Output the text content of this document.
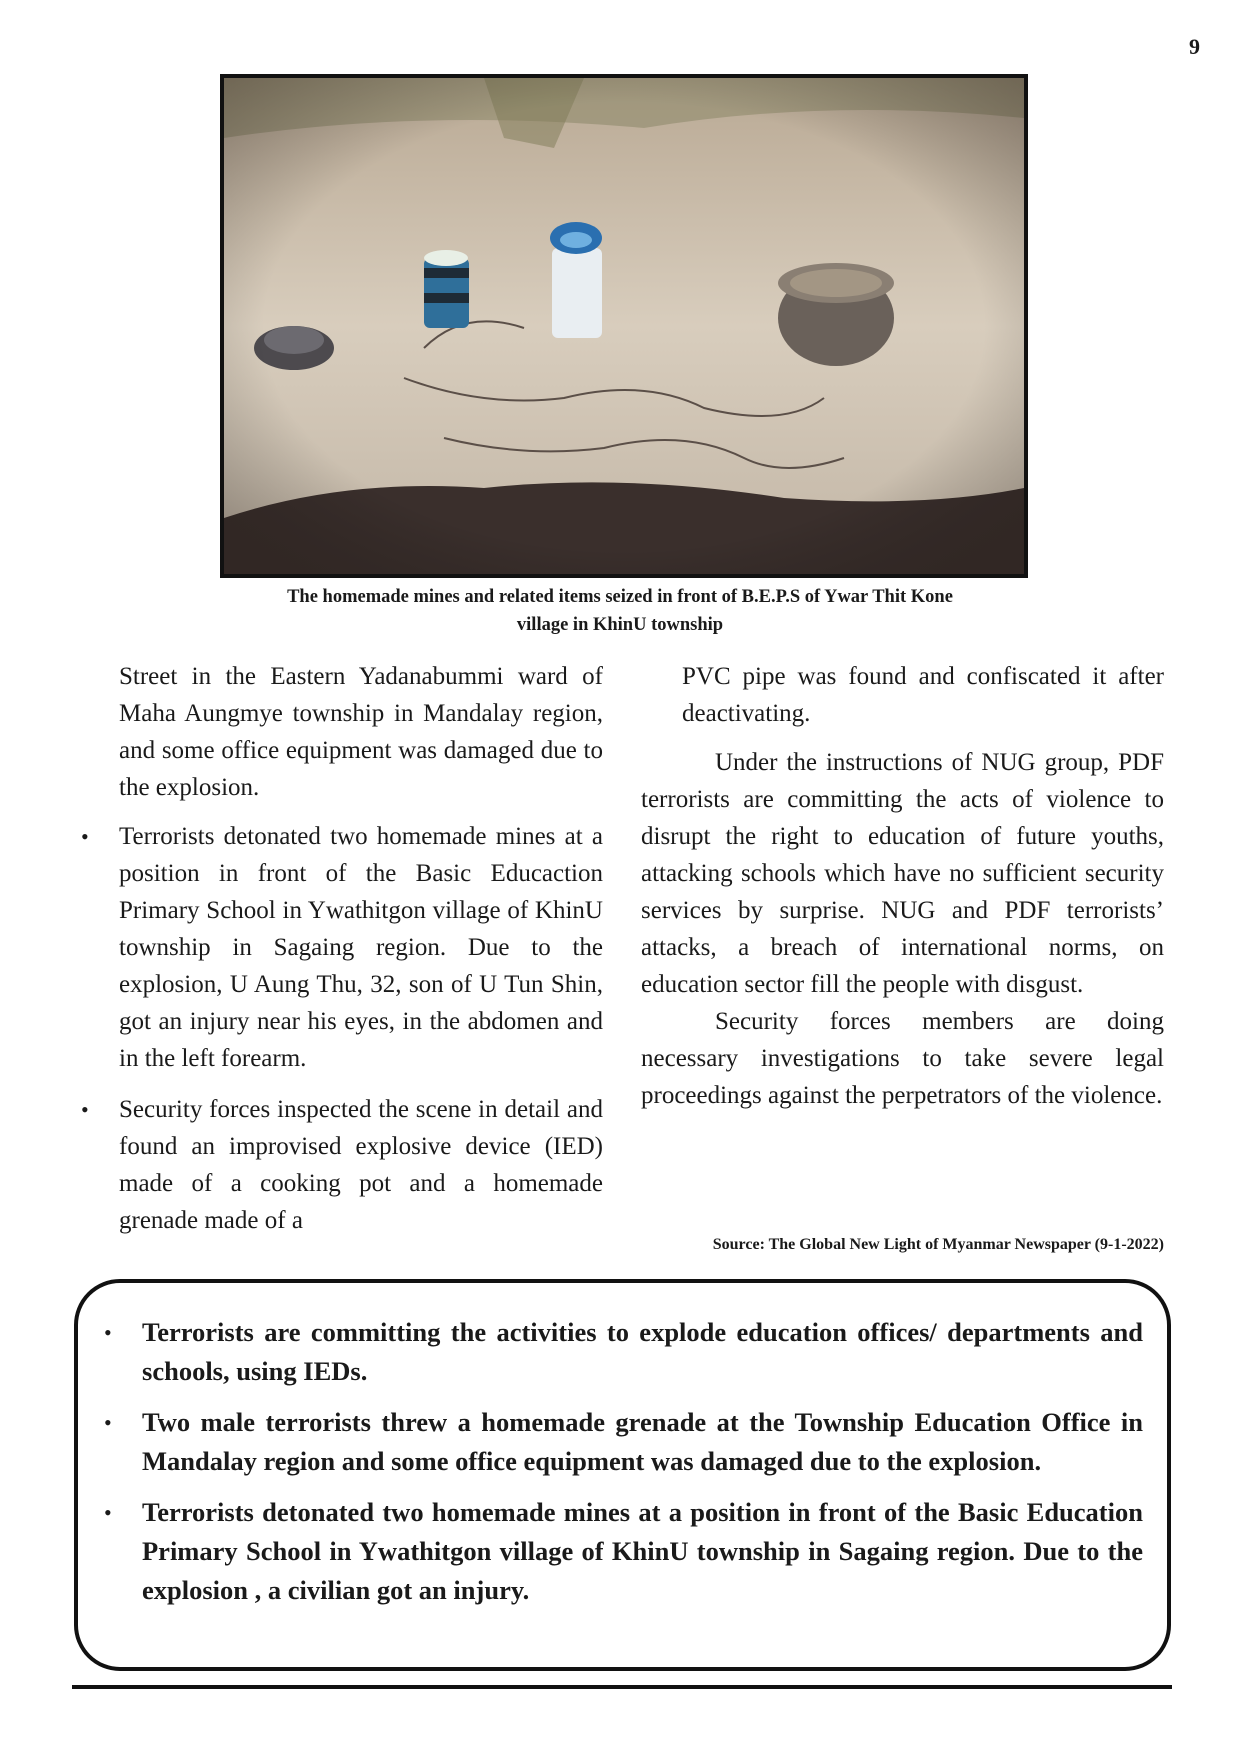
9
The homemade mines and related items seized in front of B.E.P.S of Ywar Thit Kone
village in KhinU township

Street in the Eastern Yadanabummi ward of Maha Aungmye township in Mandalay region, and some office equipment was damaged due to the explosion.

• Terrorists detonated two homemade mines at a position in front of the Basic Educaction Primary School in Ywathitgon village of KhinU township in Sagaing region. Due to the explosion, U Aung Thu, 32, son of U Tun Shin, got an injury near his eyes, in the abdomen and in the left forearm.
• Security forces inspected the scene in detail and found an improvised explosive device (IED) made of a cooking pot and a homemade grenade made of a

PVC pipe was found and confiscated it after deactivating.

Under the instructions of NUG group, PDF terrorists are committing the acts of violence to disrupt the right to education of future youths, attacking schools which have no sufficient security services by surprise. NUG and PDF terrorists’ attacks, a breach of international norms, on education sector fill the people with disgust.

Security forces members are doing necessary investigations to take severe legal proceedings against the perpetrators of the violence.

Source: The Global New Light of Myanmar Newspaper (9-1-2022)
• Terrorists are committing the activities to explode education offices/ departments and schools, using IEDs.
• Two male terrorists threw a homemade grenade at the Township Education Office in Mandalay region and some office equipment was damaged due to the explosion.
• Terrorists detonated two homemade mines at a position in front of the Basic Education Primary School in Ywathitgon village of KhinU township in Sagaing region. Due to the explosion , a civilian got an injury.
